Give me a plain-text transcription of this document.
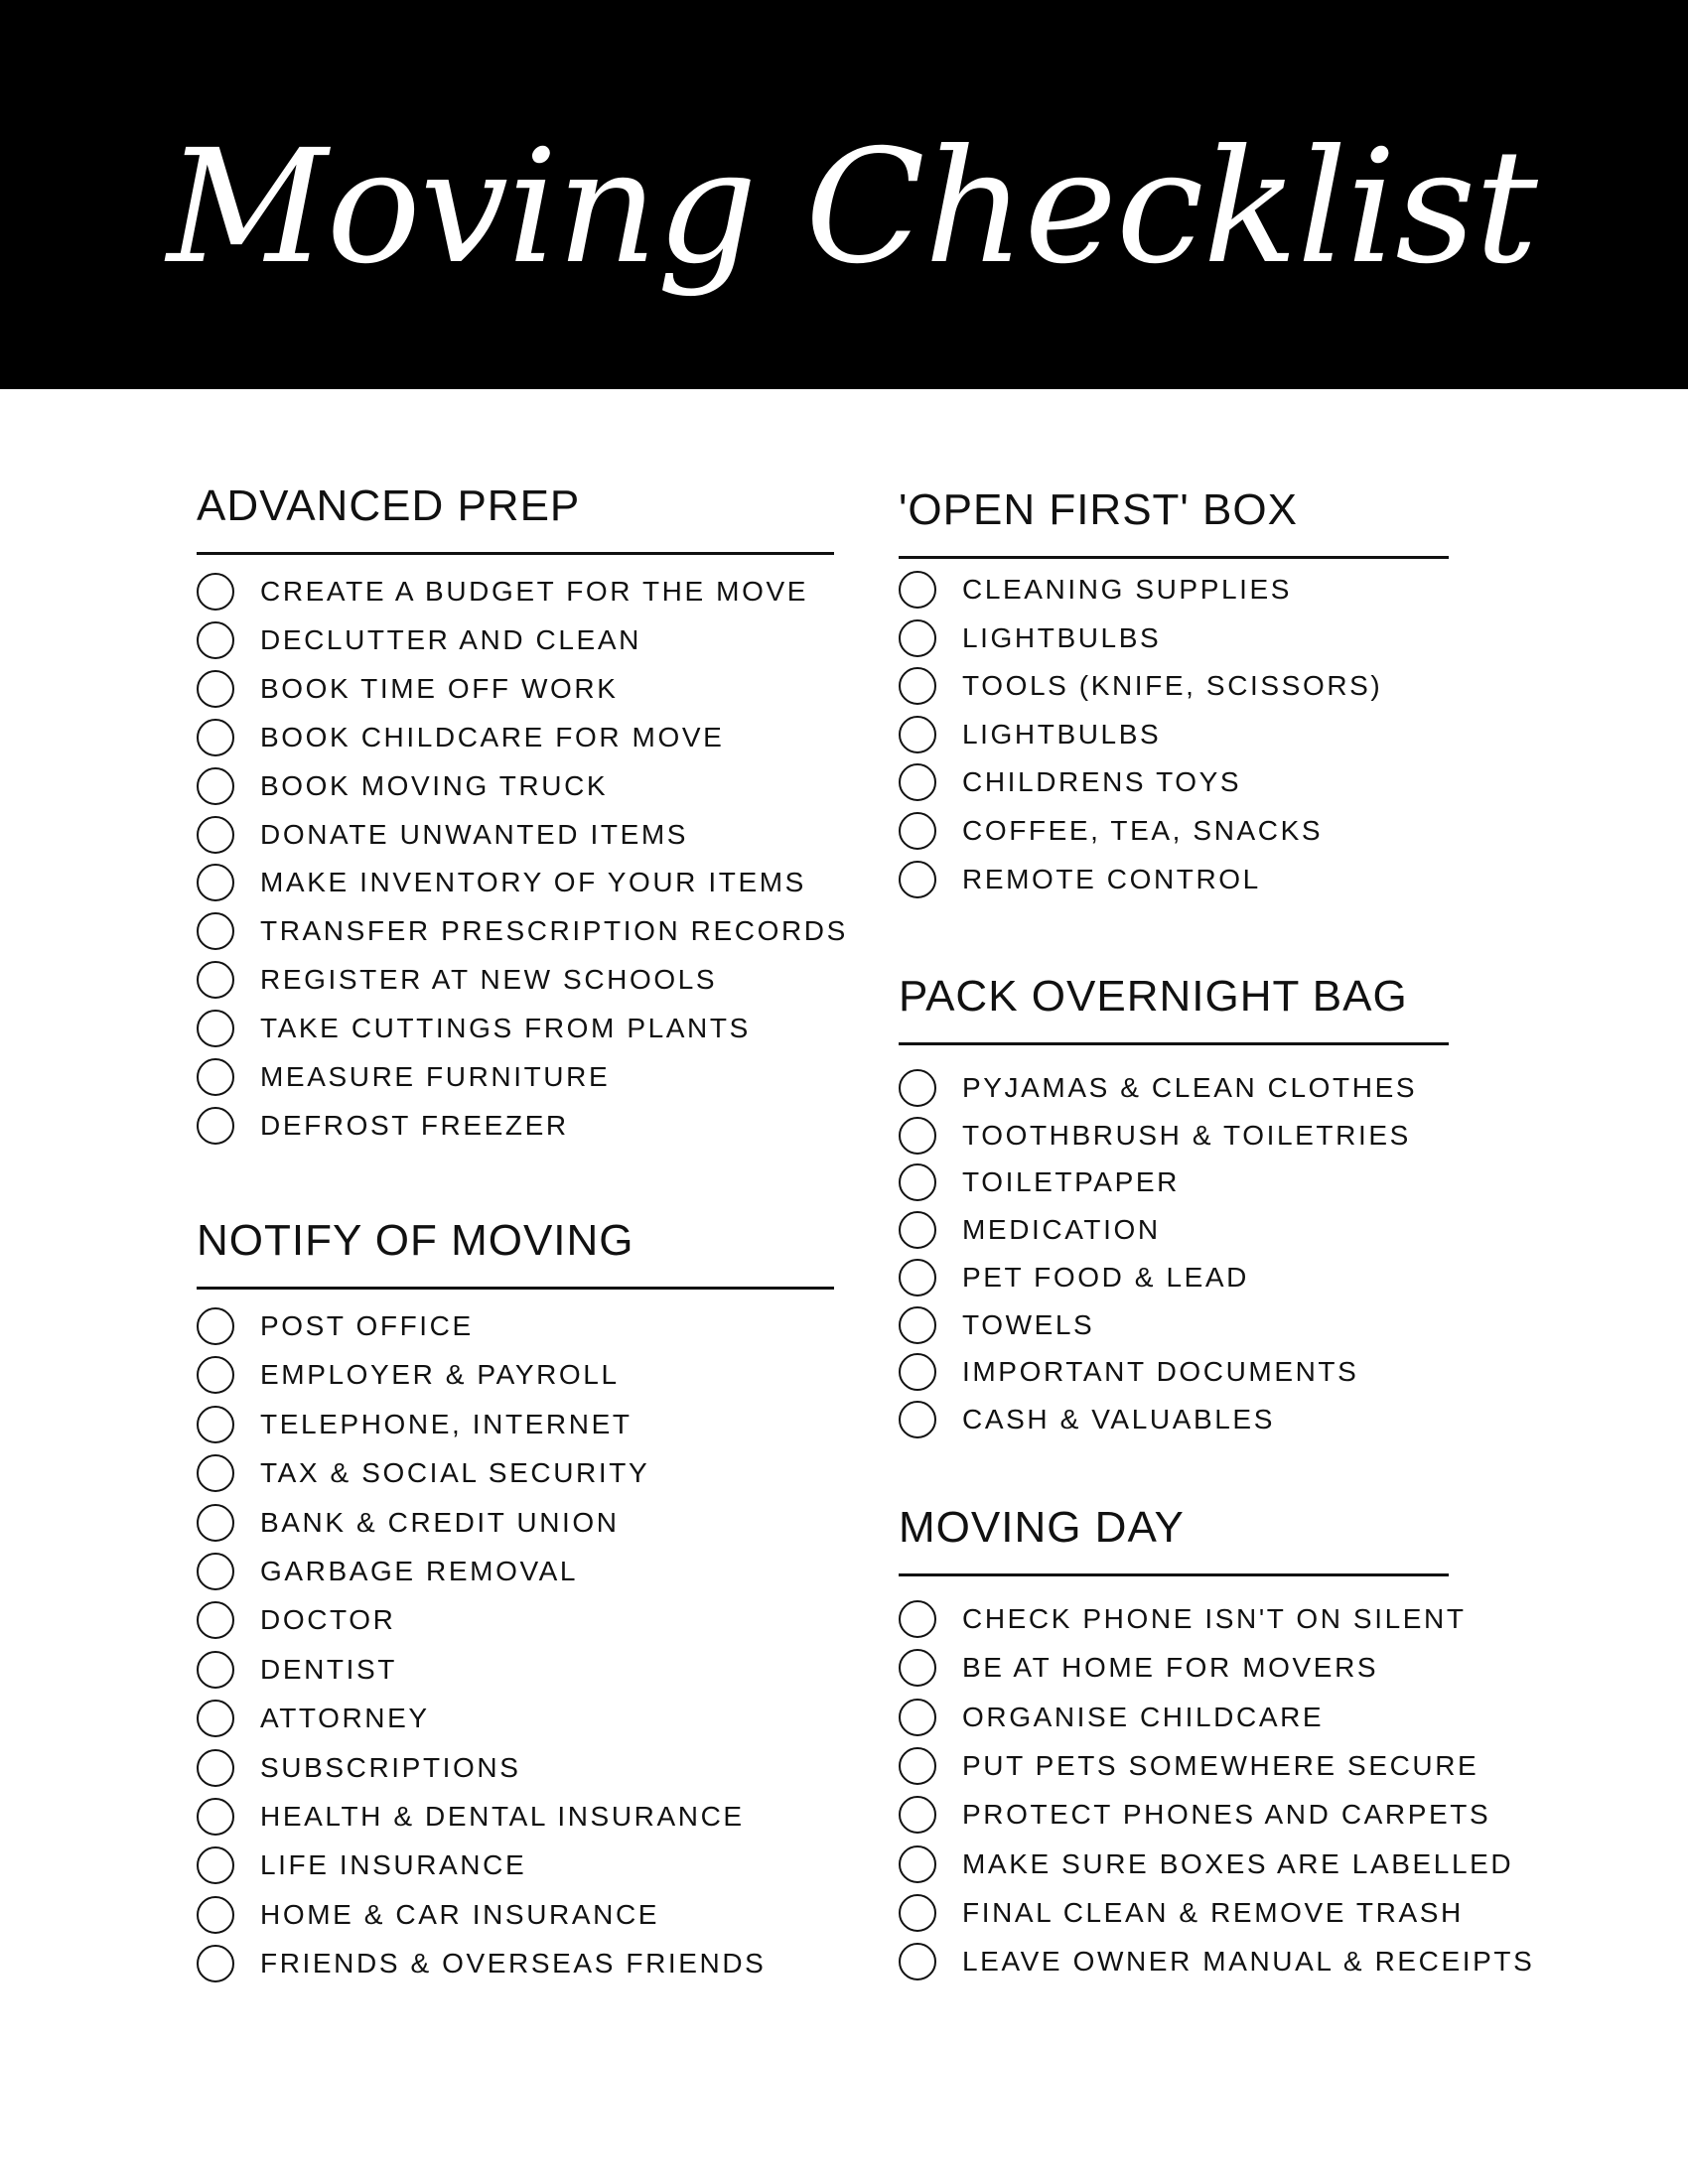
Moving Checklist
ADVANCED PREP
CREATE A BUDGET FOR THE MOVE
DECLUTTER AND CLEAN
BOOK TIME OFF WORK
BOOK CHILDCARE FOR MOVE
BOOK MOVING TRUCK
DONATE UNWANTED ITEMS
MAKE INVENTORY OF YOUR ITEMS
TRANSFER PRESCRIPTION RECORDS
REGISTER AT NEW SCHOOLS
TAKE CUTTINGS FROM PLANTS
MEASURE FURNITURE
DEFROST FREEZER
NOTIFY OF MOVING
POST OFFICE
EMPLOYER & PAYROLL
TELEPHONE, INTERNET
TAX & SOCIAL SECURITY
BANK & CREDIT UNION
GARBAGE REMOVAL
DOCTOR
DENTIST
ATTORNEY
SUBSCRIPTIONS
HEALTH & DENTAL INSURANCE
LIFE INSURANCE
HOME & CAR INSURANCE
FRIENDS & OVERSEAS FRIENDS
'OPEN FIRST' BOX
CLEANING SUPPLIES
LIGHTBULBS
TOOLS (KNIFE, SCISSORS)
LIGHTBULBS
CHILDRENS TOYS
COFFEE, TEA, SNACKS
REMOTE CONTROL
PACK OVERNIGHT BAG
PYJAMAS & CLEAN CLOTHES
TOOTHBRUSH & TOILETRIES
TOILETPAPER
MEDICATION
PET FOOD & LEAD
TOWELS
IMPORTANT DOCUMENTS
CASH & VALUABLES
MOVING DAY
CHECK PHONE ISN'T ON SILENT
BE AT HOME FOR MOVERS
ORGANISE CHILDCARE
PUT PETS SOMEWHERE SECURE
PROTECT PHONES AND CARPETS
MAKE SURE BOXES ARE LABELLED
FINAL CLEAN & REMOVE TRASH
LEAVE OWNER MANUAL & RECEIPTS
